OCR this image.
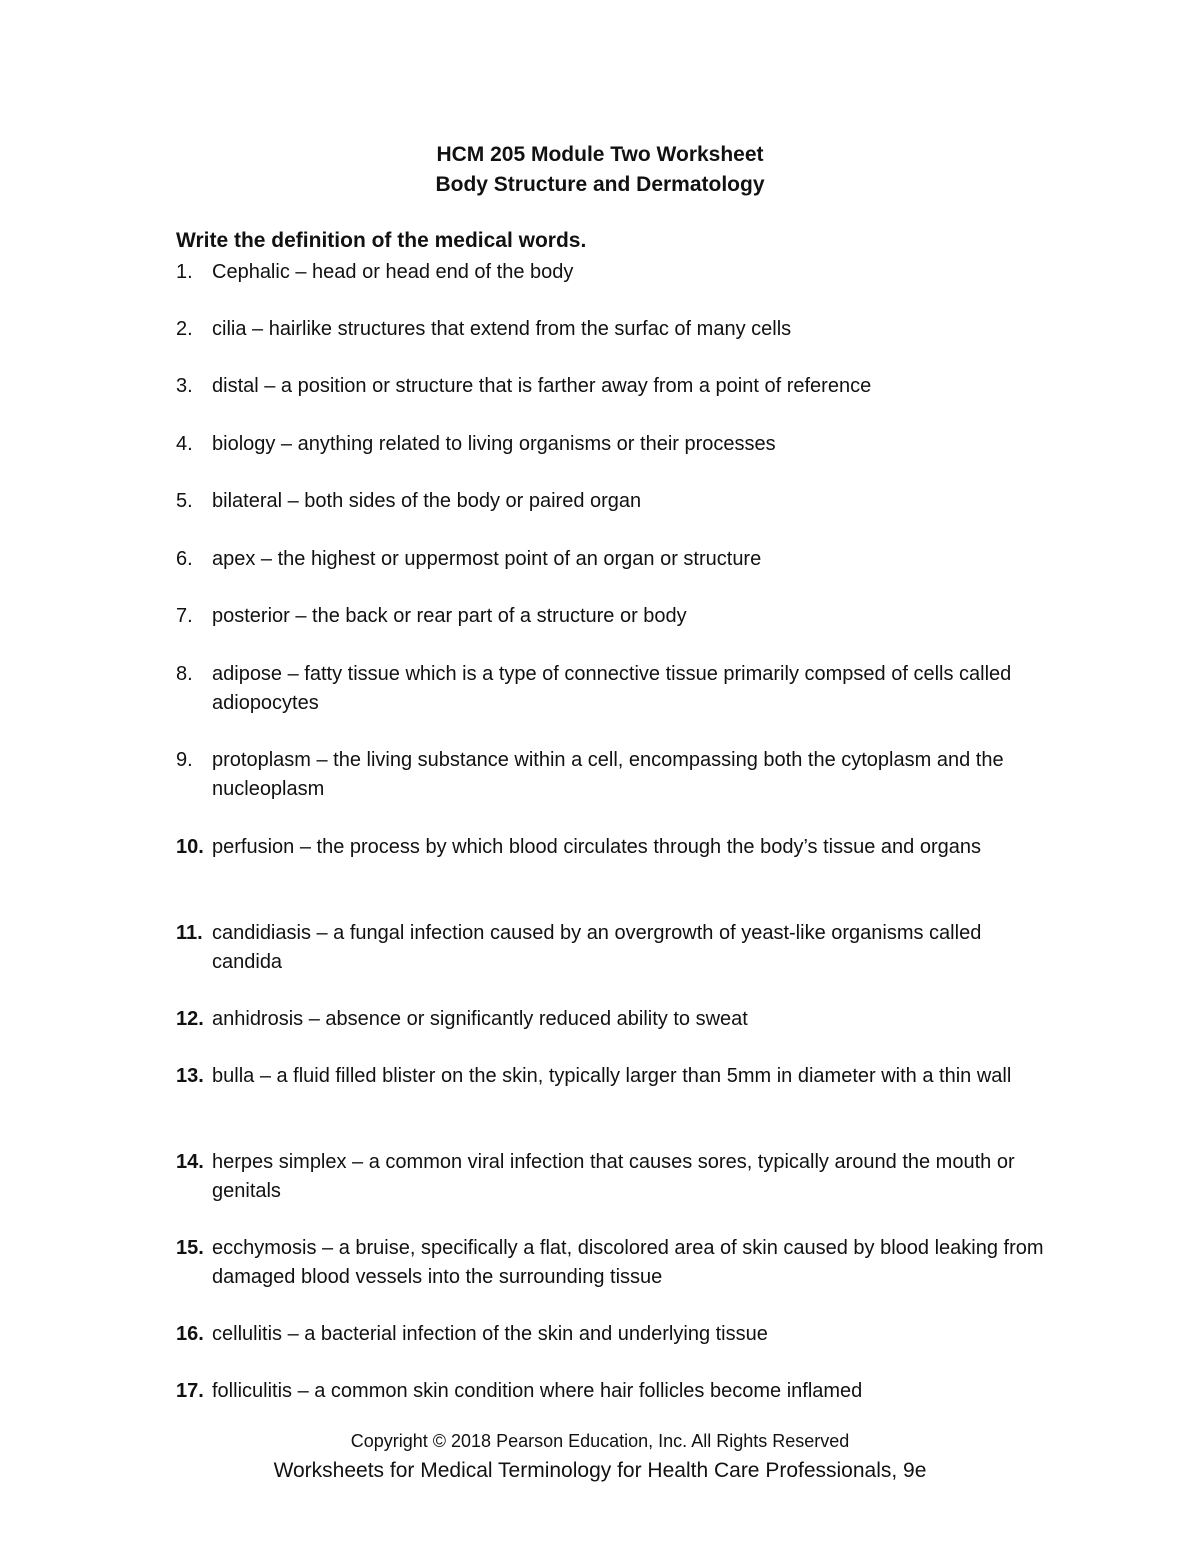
HCM 205 Module Two Worksheet
Body Structure and Dermatology
Write the definition of the medical words.
1. Cephalic – head or head end of the body
2. cilia – hairlike structures that extend from the surfac of many cells
3. distal – a position or structure that is farther away from a point of reference
4. biology – anything related to living organisms or their processes
5. bilateral – both sides of the body or paired organ
6. apex – the highest or uppermost point of an organ or structure
7. posterior – the back or rear part of a structure or body
8. adipose – fatty tissue which is a type of connective tissue primarily compsed of cells called adiopocytes
9. protoplasm – the living substance within a cell, encompassing both the cytoplasm and the nucleoplasm
10. perfusion – the process by which blood circulates through the body’s tissue and organs
11. candidiasis – a fungal infection caused by an overgrowth of yeast-like organisms called candida
12. anhidrosis – absence or significantly reduced ability to sweat
13. bulla – a fluid filled blister on the skin, typically larger than 5mm in diameter with a thin wall
14. herpes simplex – a common viral infection that causes sores, typically around the mouth or genitals
15. ecchymosis – a bruise, specifically a flat, discolored area of skin caused by blood leaking from damaged blood vessels into the surrounding tissue
16. cellulitis – a bacterial infection of the skin and underlying tissue
17. folliculitis – a common skin condition where hair follicles become inflamed
Copyright © 2018 Pearson Education, Inc. All Rights Reserved
Worksheets for Medical Terminology for Health Care Professionals, 9e
